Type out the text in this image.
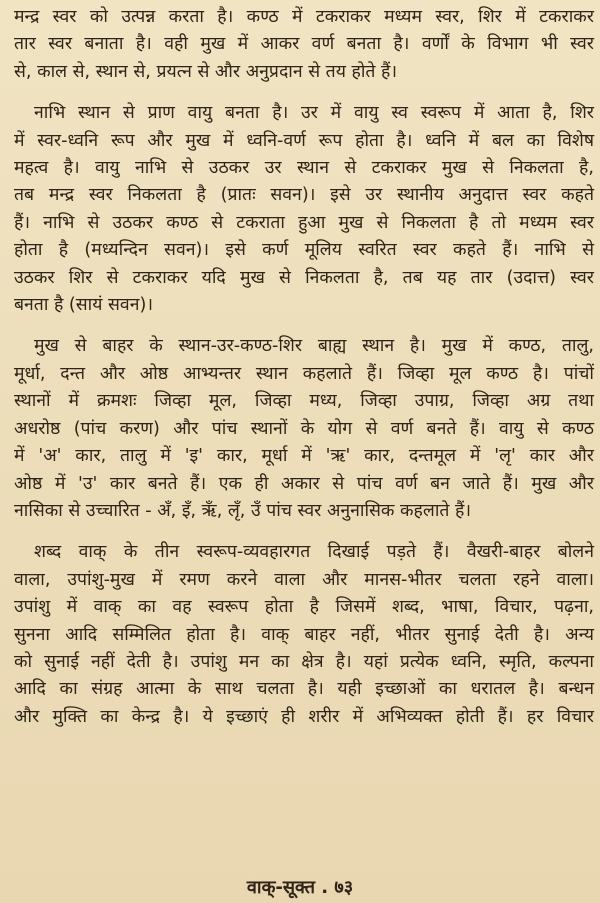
मन्द्र स्वर को उत्पन्न करता है। कण्ठ में टकराकर मध्यम स्वर, शिर में टकराकर
तार स्वर बनाता है। वही मुख में आकर वर्ण बनता है। वर्णों के विभाग भी स्वर
से, काल से, स्थान से, प्रयत्न से और अनुप्रदान से तय होते हैं।

नाभि स्थान से प्राण वायु बनता है। उर में वायु स्व स्वरूप में आता है, शिर
में स्वर-ध्वनि रूप और मुख में ध्वनि-वर्ण रूप होता है। ध्वनि में बल का विशेष
महत्व है। वायु नाभि से उठकर उर स्थान से टकराकर मुख से निकलता है,
तब मन्द्र स्वर निकलता है (प्रातः सवन)। इसे उर स्थानीय अनुदात्त स्वर कहते
हैं। नाभि से उठकर कण्ठ से टकराता हुआ मुख से निकलता है तो मध्यम स्वर
होता है (मध्यन्दिन सवन)। इसे कर्ण मूलिय स्वरित स्वर कहते हैं। नाभि से
उठकर शिर से टकराकर यदि मुख से निकलता है, तब यह तार (उदात्त) स्वर
बनता है (सायं सवन)।

मुख से बाहर के स्थान-उर-कण्ठ-शिर बाह्य स्थान है। मुख में कण्ठ, तालु,
मूर्धा, दन्त और ओष्ठ आभ्यन्तर स्थान कहलाते हैं। जिव्हा मूल कण्ठ है। पांचों
स्थानों में क्रमशः जिव्हा मूल, जिव्हा मध्य, जिव्हा उपाग्र, जिव्हा अग्र तथा
अधरोष्ठ (पांच करण) और पांच स्थानों के योग से वर्ण बनते हैं। वायु से कण्ठ
में 'अ' कार, तालु में 'इ' कार, मूर्धा में 'ऋ' कार, दन्तमूल में 'लृ' कार और
ओष्ठ में 'उ' कार बनते हैं। एक ही अकार से पांच वर्ण बन जाते हैं। मुख और
नासिका से उच्चारित - अँ, इँ, ऋँ, लृँ, उँ पांच स्वर अनुनासिक कहलाते हैं।

शब्द वाक् के तीन स्वरूप-व्यवहारगत दिखाई पड़ते हैं। वैखरी-बाहर बोलने
वाला, उपांशु-मुख में रमण करने वाला और मानस-भीतर चलता रहने वाला।
उपांशु में वाक् का वह स्वरूप होता है जिसमें शब्द, भाषा, विचार, पढ़ना,
सुनना आदि सम्मिलित होता है। वाक् बाहर नहीं, भीतर सुनाई देती है। अन्य
को सुनाई नहीं देती है। उपांशु मन का क्षेत्र है। यहां प्रत्येक ध्वनि, स्मृति, कल्पना
आदि का संग्रह आत्मा के साथ चलता है। यही इच्छाओं का धरातल है। बन्धन
और मुक्ति का केन्द्र है। ये इच्छाएं ही शरीर में अभिव्यक्त होती हैं। हर विचार

वाक्-सूक्त . ७३
